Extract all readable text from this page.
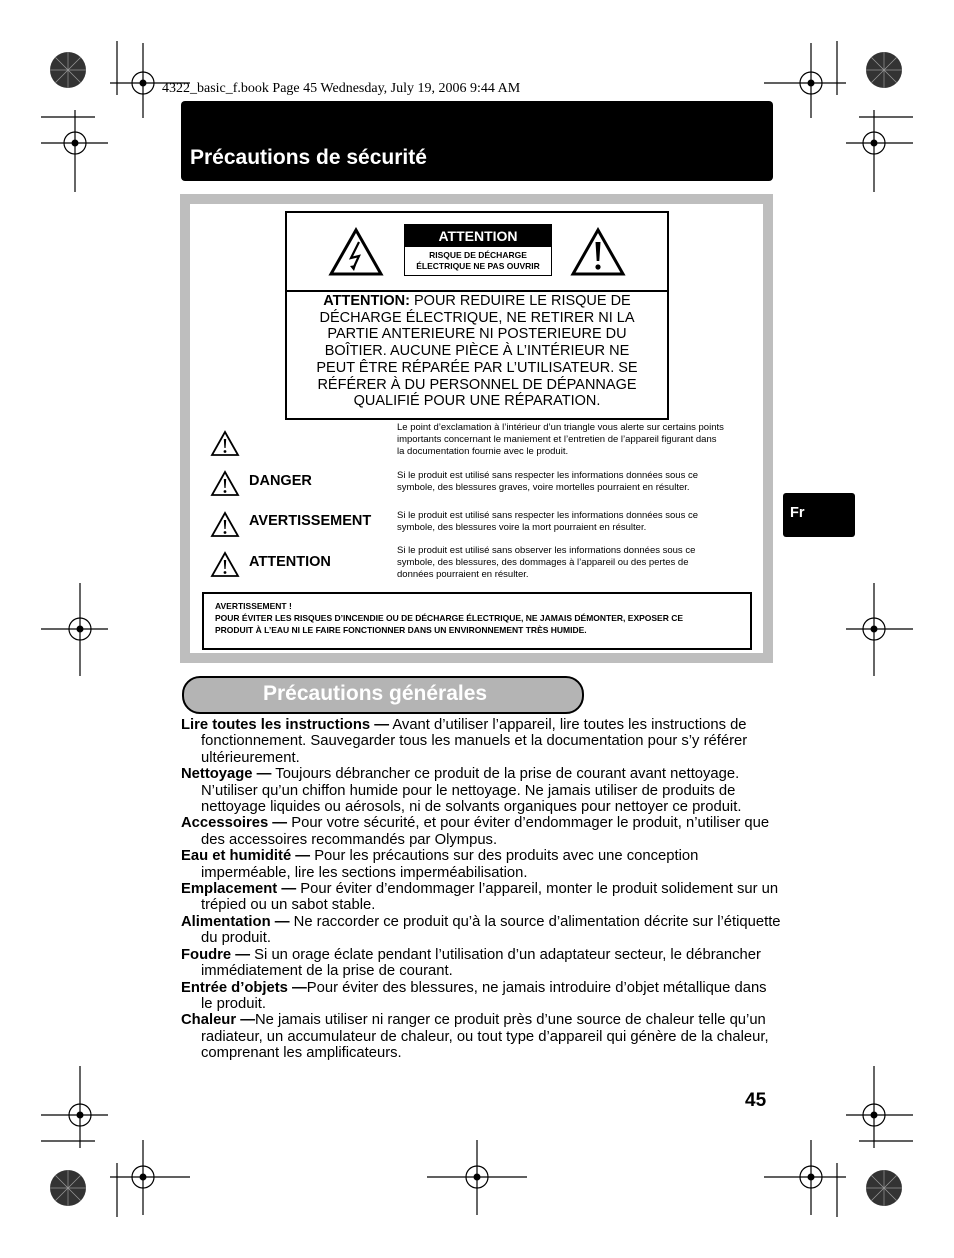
4322_basic_f.book Page 45 Wednesday, July 19, 2006 9:44 AM
Précautions de sécurité
ATTENTION
RISQUE DE DÉCHARGE
ÉLECTRIQUE NE PAS OUVRIR
ATTENTION: POUR REDUIRE LE RISQUE DE
DÉCHARGE ÉLECTRIQUE, NE RETIRER NI LA
PARTIE ANTERIEURE NI POSTERIEURE DU
BOÎTIER. AUCUNE PIÈCE À L’INTÉRIEUR NE
PEUT ÊTRE RÉPARÉE PAR L’UTILISATEUR. SE
RÉFÉRER À DU PERSONNEL DE DÉPANNAGE
QUALIFIÉ POUR UNE RÉPARATION.
Le point d’exclamation à l’intérieur d’un triangle vous alerte sur certains points
importants concernant le maniement et l’entretien de l’appareil figurant dans
la documentation fournie avec le produit.
DANGER	Si le produit est utilisé sans respecter les informations données sous ce
symbole, des blessures graves, voire mortelles pourraient en résulter.
AVERTISSEMENT	Si le produit est utilisé sans respecter les informations données sous ce
symbole, des blessures voire la mort pourraient en résulter.
ATTENTION
Si le produit est utilisé sans observer les informations données sous ce
symbole, des blessures, des dommages à l’appareil ou des pertes de
données pourraient en résulter.
AVERTISSEMENT !
POUR ÉVITER LES RISQUES D’INCENDIE OU DE DÉCHARGE ÉLECTRIQUE, NE JAMAIS DÉMONTER, EXPOSER CE
PRODUIT À L’EAU NI LE FAIRE FONCTIONNER DANS UN ENVIRONNEMENT TRÈS HUMIDE.
Précautions générales

Lire toutes les instructions — Avant d’utiliser l’appareil, lire toutes les instructions de fonctionnement. Sauvegarder tous les manuels et la documentation pour s’y référer ultérieurement.

Nettoyage — Toujours débrancher ce produit de la prise de courant avant nettoyage. N’utiliser qu’un chiffon humide pour le nettoyage. Ne jamais utiliser de produits de nettoyage liquides ou aérosols, ni de solvants organiques pour nettoyer ce produit.

Accessoires — Pour votre sécurité, et pour éviter d’endommager le produit, n’utiliser que des accessoires recommandés par Olympus.

Eau et humidité — Pour les précautions sur des produits avec une conception imperméable, lire les sections imperméabilisation.

Emplacement — Pour éviter d’endommager l’appareil, monter le produit solidement sur un trépied ou un sabot stable.

Alimentation — Ne raccorder ce produit qu’à la source d’alimentation décrite sur l’étiquette du produit.

Foudre — Si un orage éclate pendant l’utilisation d’un adaptateur secteur, le débrancher immédiatement de la prise de courant.

Entrée d’objets —Pour éviter des blessures, ne jamais introduire d’objet métallique dans le produit.

Chaleur —Ne jamais utiliser ni ranger ce produit près d’une source de chaleur telle qu’un radiateur, un accumulateur de chaleur, ou tout type d’appareil qui génère de la chaleur, comprenant les amplificateurs.

Fr
45
